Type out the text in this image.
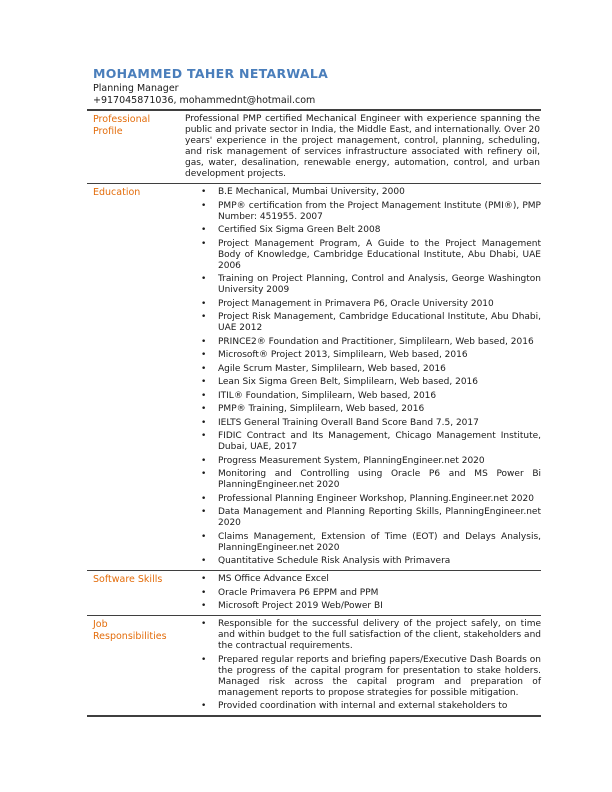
MOHAMMED TAHER NETARWALA
Planning Manager
+917045871036, mohammednt@hotmail.com
Professional Profile

Professional PMP certified Mechanical Engineer with experience spanning the public and private sector in India, the Middle East, and internationally. Over 20 years' experience in the project management, control, planning, scheduling, and risk management of services infrastructure associated with refinery oil, gas, water, desalination, renewable energy, automation, control, and urban development projects.

Education	• B.E Mechanical, Mumbai University, 2000
• PMP® certification from the Project Management Institute (PMI®), PMP Number: 451955. 2007
• Certified Six Sigma Green Belt 2008
• Project Management Program, A Guide to the Project Management Body of Knowledge, Cambridge Educational Institute, Abu Dhabi, UAE 2006
• Training on Project Planning, Control and Analysis, George Washington University 2009
• Project Management in Primavera P6, Oracle University 2010
• Project Risk Management, Cambridge Educational Institute, Abu Dhabi, UAE 2012
• PRINCE2® Foundation and Practitioner, Simplilearn, Web based, 2016
• Microsoft® Project 2013, Simplilearn, Web based, 2016
• Agile Scrum Master, Simplilearn, Web based, 2016
• Lean Six Sigma Green Belt, Simplilearn, Web based, 2016
• ITIL® Foundation, Simplilearn, Web based, 2016
• PMP® Training, Simplilearn, Web based, 2016
• IELTS General Training Overall Band Score Band 7.5, 2017
• FIDIC Contract and Its Management, Chicago Management Institute, Dubai, UAE, 2017
• Progress Measurement System, PlanningEngineer.net 2020
• Monitoring and Controlling using Oracle P6 and MS Power Bi PlanningEngineer.net 2020
• Professional Planning Engineer Workshop, Planning.Engineer.net 2020
• Data Management and Planning Reporting Skills, PlanningEngineer.net 2020
• Claims Management, Extension of Time (EOT) and Delays Analysis, PlanningEngineer.net 2020
• Quantitative Schedule Risk Analysis with Primavera
Software Skills	• MS Office Advance Excel
• Oracle Primavera P6 EPPM and PPM
• Microsoft Project 2019 Web/Power BI
Job Responsibilities
• Responsible for the successful delivery of the project safely, on time and within budget to the full satisfaction of the client, stakeholders and the contractual requirements.
• Prepared regular reports and briefing papers/Executive Dash Boards on the progress of the capital program for presentation to stake holders. Managed risk across the capital program and preparation of management reports to propose strategies for possible mitigation.
• Provided coordination with internal and external stakeholders to
